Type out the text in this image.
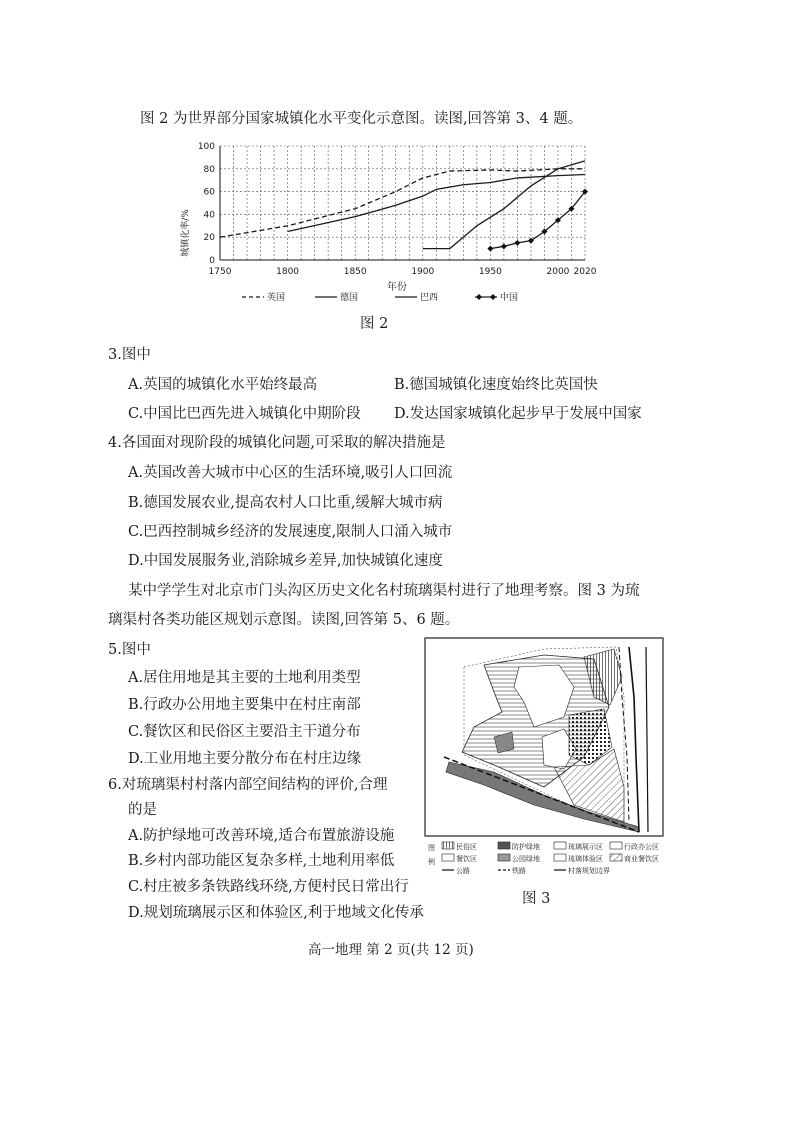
图 2 为世界部分国家城镇化水平变化示意图。读图,回答第 3、4 题。
0
20
40
60
80
100
1750	1800	1850	1900	1950	2000 2020
城镇化率/%
年份
英国	德国	巴西	中国
图 2
3.图中
A.英国的城镇化水平始终最高	B.德国城镇化速度始终比英国快
C.中国比巴西先进入城镇化中期阶段 D.发达国家城镇化起步早于发展中国家
4.各国面对现阶段的城镇化问题,可采取的解决措施是
A.英国改善大城市中心区的生活环境,吸引人口回流
B.德国发展农业,提高农村人口比重,缓解大城市病
C.巴西控制城乡经济的发展速度,限制人口涌入城市
D.中国发展服务业,消除城乡差异,加快城镇化速度
某中学学生对北京市门头沟区历史文化名村琉璃渠村进行了地理考察。图 3 为琉
璃渠村各类功能区规划示意图。读图,回答第 5、6 题。
5.图中
A.居住用地是其主要的土地利用类型
B.行政办公用地主要集中在村庄南部
C.餐饮区和民俗区主要沿主干道分布
D.工业用地主要分散分布在村庄边缘
6.对琉璃渠村村落内部空间结构的评价,合理
的是
A.防护绿地可改善环境,适合布置旅游设施
B.乡村内部功能区复杂多样,土地利用率低
C.村庄被多条铁路线环绕,方便村民日常出行
D.规划琉璃展示区和体验区,利于地域文化传承
图
例
民俗区	防护绿地	琉璃展示区	行政办公区
餐饮区	公园绿地	琉璃体验区	商业餐饮区
公路	铁路	村落规划边界
图 3
高一地理 第 2 页(共 12 页)
